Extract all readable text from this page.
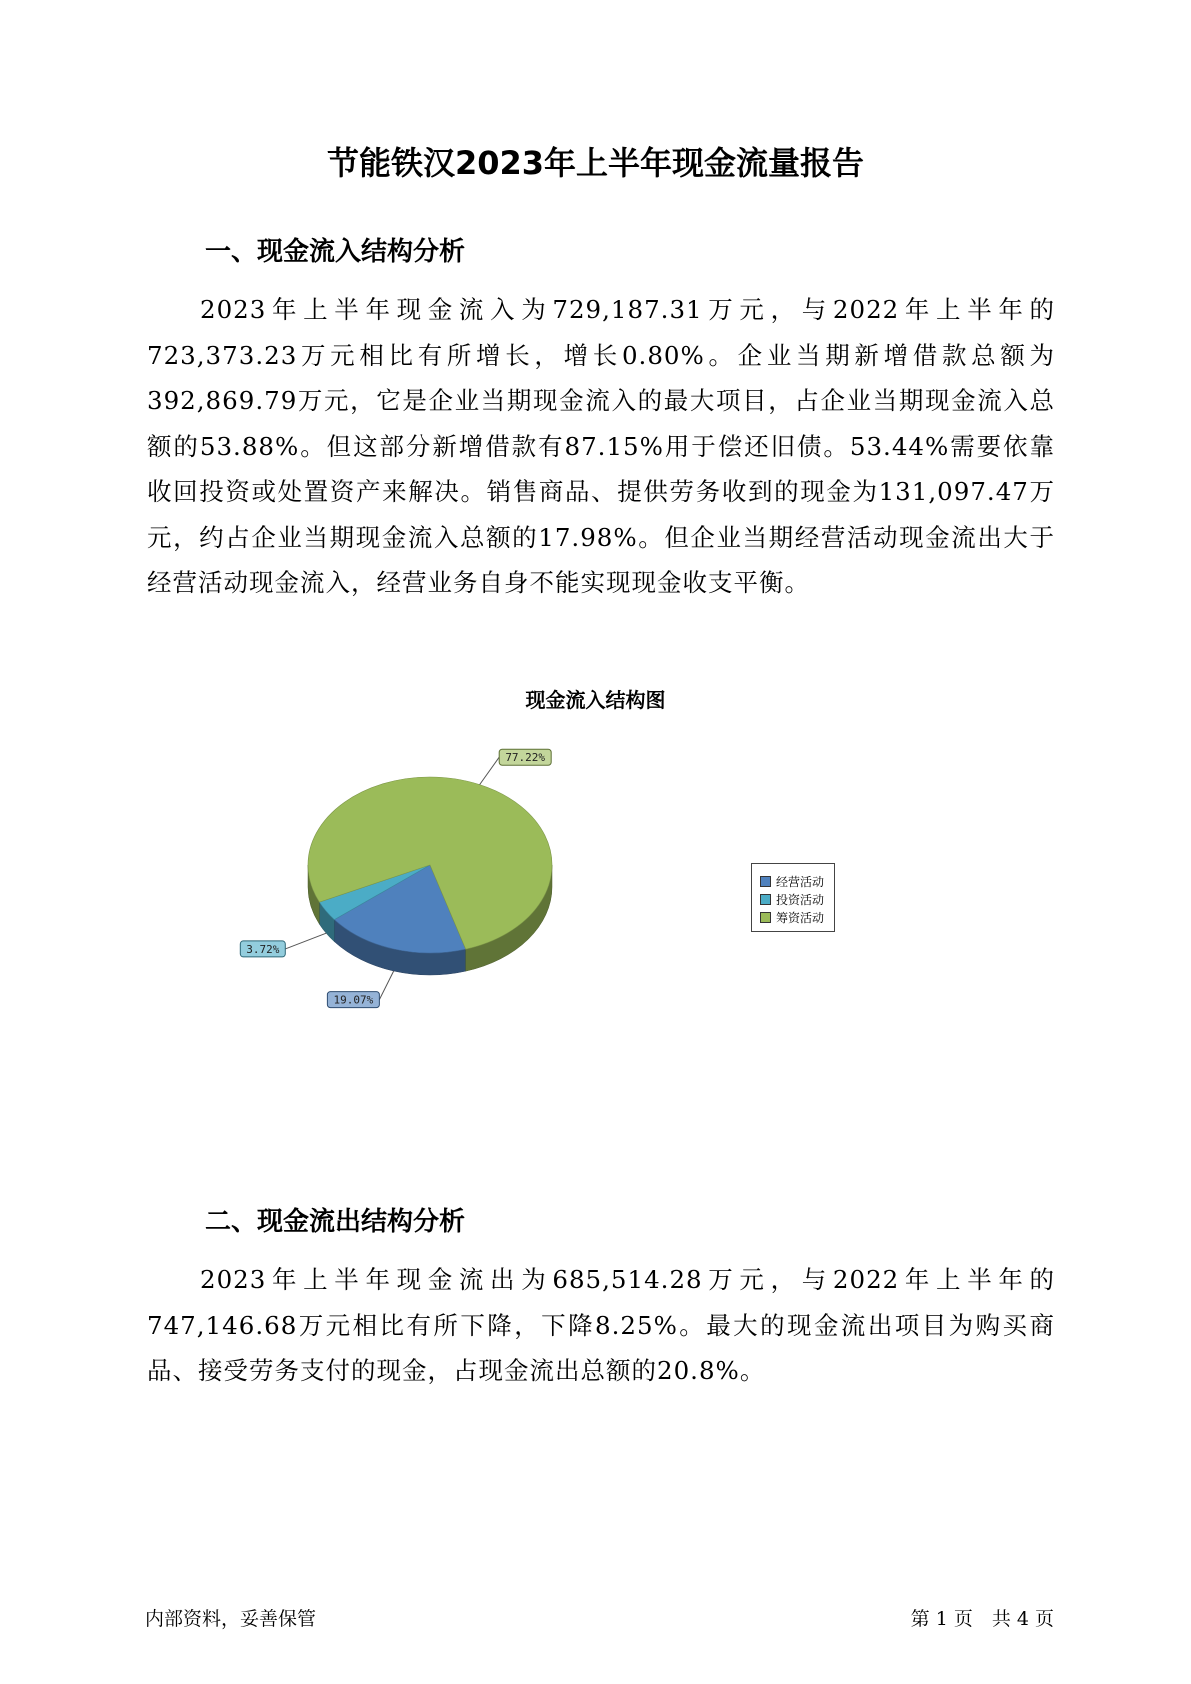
节能铁汉2023年上半年现金流量报告
一、现金流入结构分析

2023年上半年现金流入为729,187.31万元，与2022年上半年的723,373.23万元相比有所增长，增长0.80%。企业当期新增借款总额为392,869.79万元，它是企业当期现金流入的最大项目，占企业当期现金流入总额的53.88%。但这部分新增借款有87.15%用于偿还旧债。53.44%需要依靠收回投资或处置资产来解决。销售商品、提供劳务收到的现金为131,097.47万元，约占企业当期现金流入总额的17.98%。但企业当期经营活动现金流出大于经营活动现金流入，经营业务自身不能实现现金收支平衡。

现金流入结构图
19.07%
3.72%
77.22%
经营活动
投资活动
筹资活动
二、现金流出结构分析

2023年上半年现金流出为685,514.28万元，与2022年上半年的747,146.68万元相比有所下降，下降8.25%。最大的现金流出项目为购买商品、接受劳务支付的现金，占现金流出总额的20.8%。

内部资料，妥善保管	第 1 页　共 4 页
